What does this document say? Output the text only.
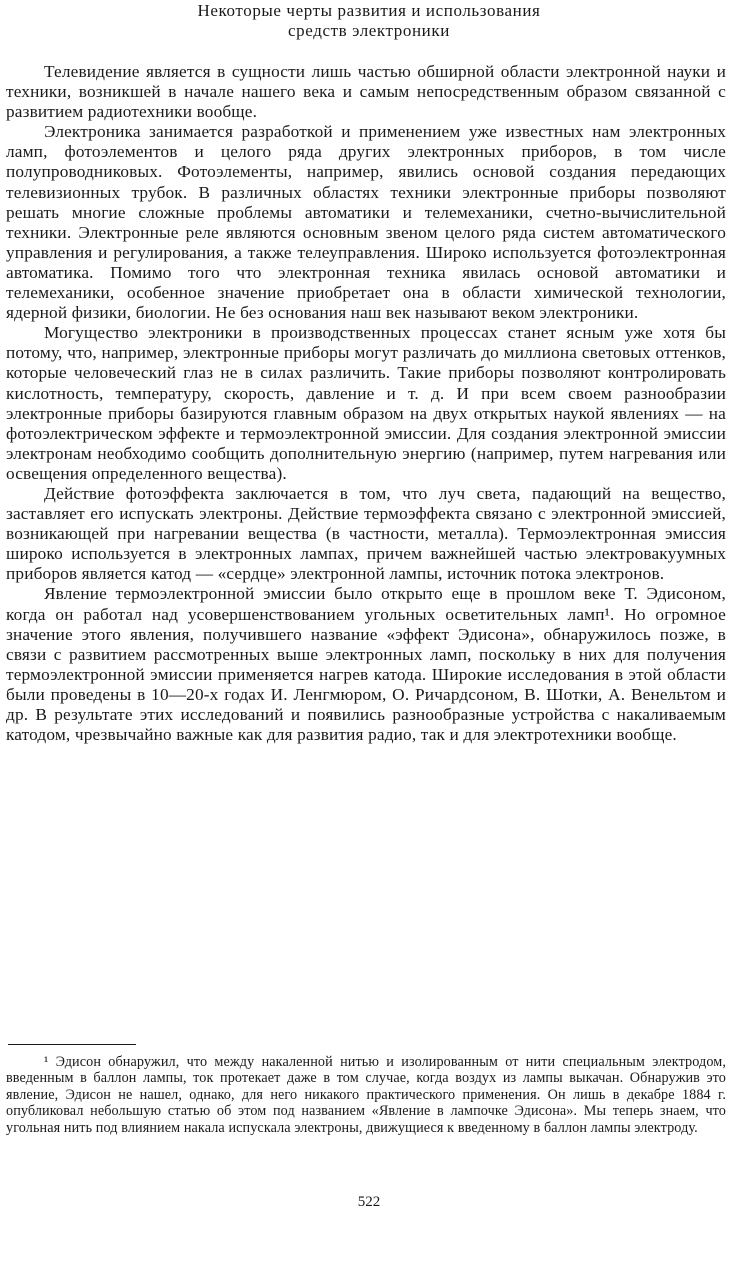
Некоторые черты развития и использования
средств электроники

Телевидение является в сущности лишь частью обширной области электронной науки и техники, возникшей в начале нашего века и самым непосредственным образом связанной с развитием радиотехники вообще.

Электроника занимается разработкой и применением уже известных нам электронных ламп, фотоэлементов и целого ряда других электронных приборов, в том числе полупроводниковых. Фотоэлементы, например, явились основой создания передающих телевизионных трубок. В различных областях техники электронные приборы позволяют решать многие сложные проблемы автоматики и телемеханики, счетно-вычислительной техники. Электронные реле являются основным звеном целого ряда систем автоматического управления и регулирования, а также телеуправления. Широко используется фотоэлектронная автоматика. Помимо того что электронная техника явилась основой автоматики и телемеханики, особенное значение приобретает она в области химической технологии, ядерной физики, биологии. Не без основания наш век называют веком электроники.

Могущество электроники в производственных процессах станет ясным уже хотя бы потому, что, например, электронные приборы могут различать до миллиона световых оттенков, которые человеческий глаз не в силах различить. Такие приборы позволяют контролировать кислотность, температуру, скорость, давление и т. д. И при всем своем разнообразии электронные приборы базируются главным образом на двух открытых наукой явлениях — на фотоэлектрическом эффекте и термоэлектронной эмиссии. Для создания электронной эмиссии электронам необходимо сообщить дополнительную энергию (например, путем нагревания или освещения определенного вещества).

Действие фотоэффекта заключается в том, что луч света, падающий на вещество, заставляет его испускать электроны. Действие термоэффекта связано с электронной эмиссией, возникающей при нагревании вещества (в частности, металла). Термоэлектронная эмиссия широко используется в электронных лампах, причем важнейшей частью электровакуумных приборов является катод — «сердце» электронной лампы, источник потока электронов.

Явление термоэлектронной эмиссии было открыто еще в прошлом веке Т. Эдисоном, когда он работал над усовершенствованием угольных осветительных ламп¹. Но огромное значение этого явления, получившего название «эффект Эдисона», обнаружилось позже, в связи с развитием рассмотренных выше электронных ламп, поскольку в них для получения термоэлектронной эмиссии применяется нагрев катода. Широкие исследования в этой области были проведены в 10—20-х годах И. Ленгмюром, О. Ричардсоном, В. Шотки, А. Венельтом и др. В результате этих исследований и появились разнообразные устройства с накаливаемым катодом, чрезвычайно важные как для развития радио, так и для электротехники вообще.

¹ Эдисон обнаружил, что между накаленной нитью и изолированным от нити специальным электродом, введенным в баллон лампы, ток протекает даже в том случае, когда воздух из лампы выкачан. Обнаружив это явление, Эдисон не нашел, однако, для него никакого практического применения. Он лишь в декабре 1884 г. опубликовал небольшую статью об этом под названием «Явление в лампочке Эдисона». Мы теперь знаем, что угольная нить под влиянием накала испускала электроны, движущиеся к введенному в баллон лампы электроду.
522
